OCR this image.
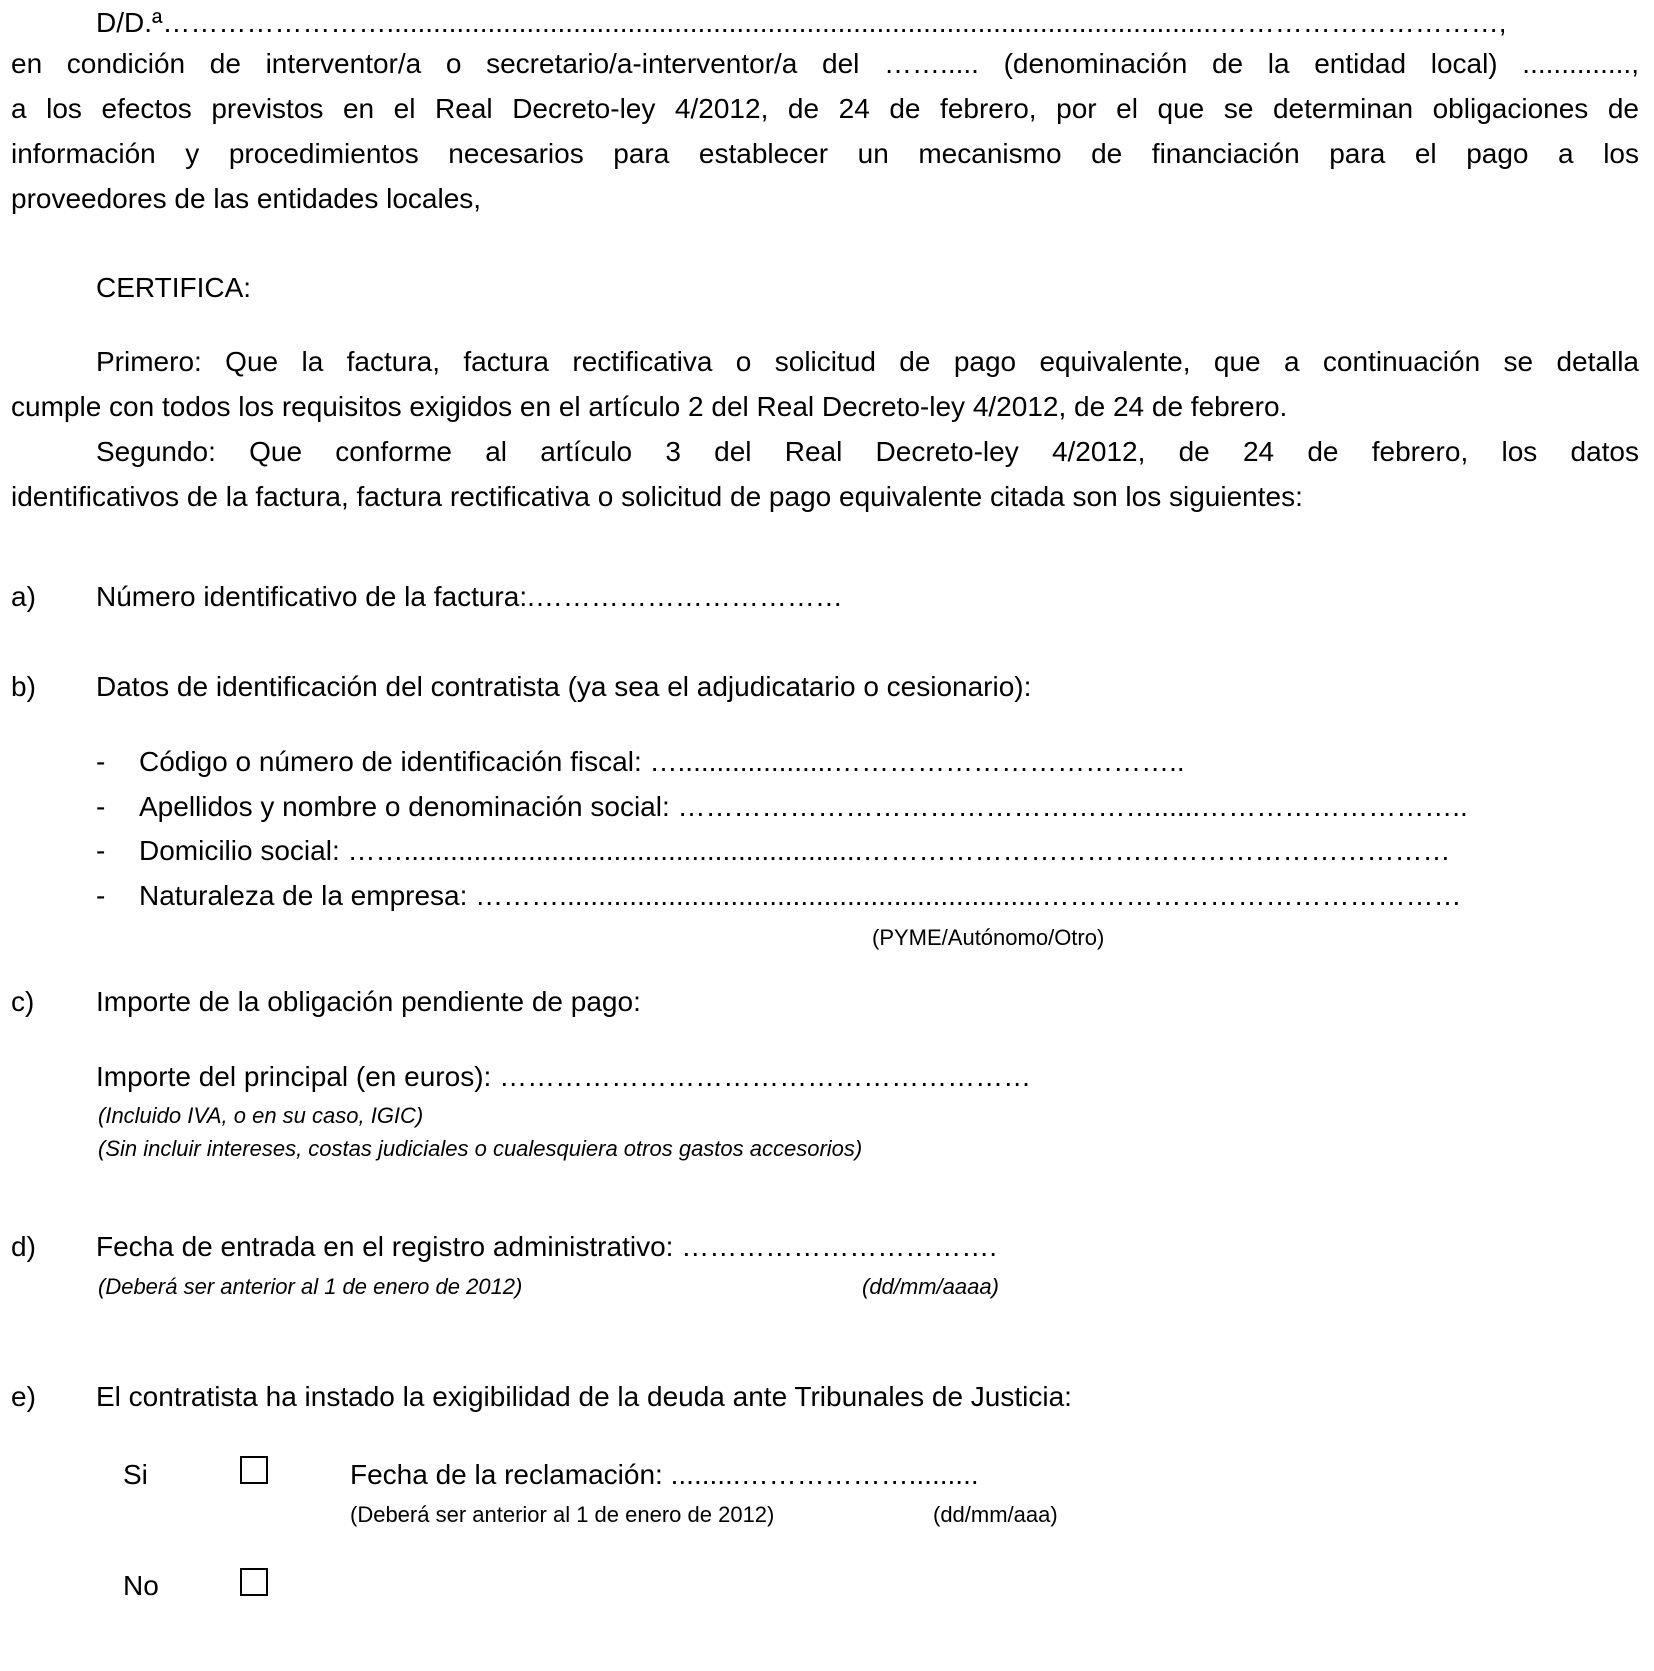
D/D.ª……………………...........................................................................................................…………………………,
en condición de interventor/a o secretario/a-interventor/a del ……..... (denominación de la entidad local) ..............,
a los efectos previstos en el Real Decreto-ley 4/2012, de 24 de febrero, por el que se determinan obligaciones de
información y procedimientos necesarios para establecer un mecanismo de financiación para el pago a los
proveedores de las entidades locales,
CERTIFICA:
Primero: Que la factura, factura rectificativa o solicitud de pago equivalente, que a continuación se detalla
cumple con todos los requisitos exigidos en el artículo 2 del Real Decreto-ley 4/2012, de 24 de febrero.
Segundo: Que conforme al artículo 3 del Real Decreto-ley 4/2012, de 24 de febrero, los datos
identificativos de la factura, factura rectificativa o solicitud de pago equivalente citada son los siguientes:
a) Número identificativo de la factura:.……………………………
b) Datos de identificación del contratista (ya sea el adjudicatario o cesionario):
- Código o número de identificación fiscal: …....................………………………………..
- Apellidos y nombre o denominación social: ……………………………………………......………………………..
- Domicilio social: ……...........................................................………………………………………………………
- Naturaleza de la empresa: ………..............................................................………………………………………
(PYME/Autónomo/Otro)
c) Importe de la obligación pendiente de pago:
Importe del principal (en euros): …………………………………………………
(Incluido IVA, o en su caso, IGIC)
(Sin incluir intereses, costas judiciales o cualesquiera otros gastos accesorios)
d) Fecha de entrada en el registro administrativo: …………………………….
(Deberá ser anterior al 1 de enero de 2012)	(dd/mm/aaaa)
e) El contratista ha instado la exigibilidad de la deuda ante Tribunales de Justicia:
Si	Fecha de la reclamación: .........……………….........
(Deberá ser anterior al 1 de enero de 2012)	(dd/mm/aaa)
No
